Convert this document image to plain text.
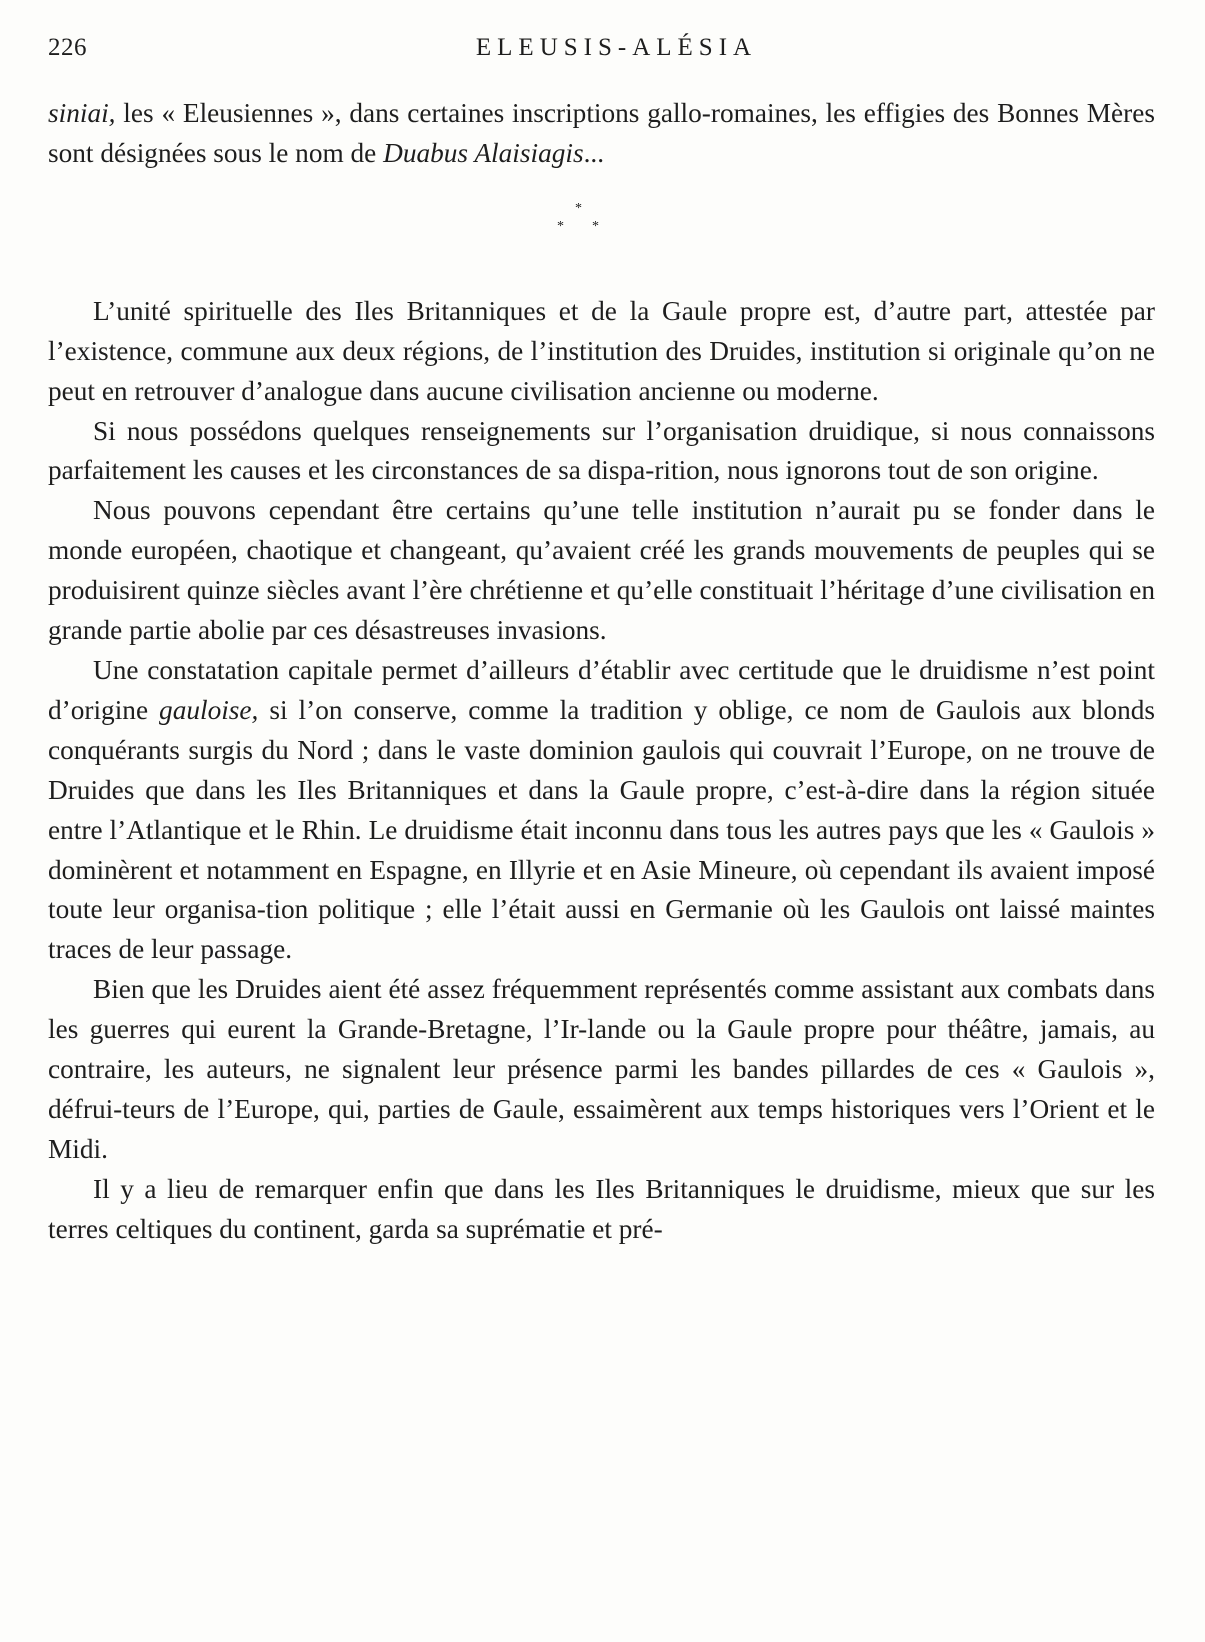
226	ELEUSIS-ALÉSIA

siniai, les « Eleusiennes », dans certaines inscriptions gallo-romaines, les effigies des Bonnes Mères sont désignées sous le nom de Duabus Alaisiagis...

*
* *

L’unité spirituelle des Iles Britanniques et de la Gaule propre est, d’autre part, attestée par l’existence, commune aux deux régions, de l’institution des Druides, institution si originale qu’on ne peut en retrouver d’analogue dans aucune civilisation ancienne ou moderne.

Si nous possédons quelques renseignements sur l’organisation druidique, si nous connaissons parfaitement les causes et les circonstances de sa dispa-rition, nous ignorons tout de son origine.

Nous pouvons cependant être certains qu’une telle institution n’aurait pu se fonder dans le monde européen, chaotique et changeant, qu’avaient créé les grands mouvements de peuples qui se produisirent quinze siècles avant l’ère chrétienne et qu’elle constituait l’héritage d’une civilisation en grande partie abolie par ces désastreuses invasions.

Une constatation capitale permet d’ailleurs d’établir avec certitude que le druidisme n’est point d’origine gauloise, si l’on conserve, comme la tradition y oblige, ce nom de Gaulois aux blonds conquérants surgis du Nord ; dans le vaste dominion gaulois qui couvrait l’Europe, on ne trouve de Druides que dans les Iles Britanniques et dans la Gaule propre, c’est-à-dire dans la région située entre l’Atlantique et le Rhin. Le druidisme était inconnu dans tous les autres pays que les « Gaulois » dominèrent et notamment en Espagne, en Illyrie et en Asie Mineure, où cependant ils avaient imposé toute leur organisa-tion politique ; elle l’était aussi en Germanie où les Gaulois ont laissé maintes traces de leur passage.

Bien que les Druides aient été assez fréquemment représentés comme assistant aux combats dans les guerres qui eurent la Grande-Bretagne, l’Ir-lande ou la Gaule propre pour théâtre, jamais, au contraire, les auteurs, ne signalent leur présence parmi les bandes pillardes de ces « Gaulois », défrui-teurs de l’Europe, qui, parties de Gaule, essaimèrent aux temps historiques vers l’Orient et le Midi.

Il y a lieu de remarquer enfin que dans les Iles Britanniques le druidisme, mieux que sur les terres celtiques du continent, garda sa suprématie et pré-
